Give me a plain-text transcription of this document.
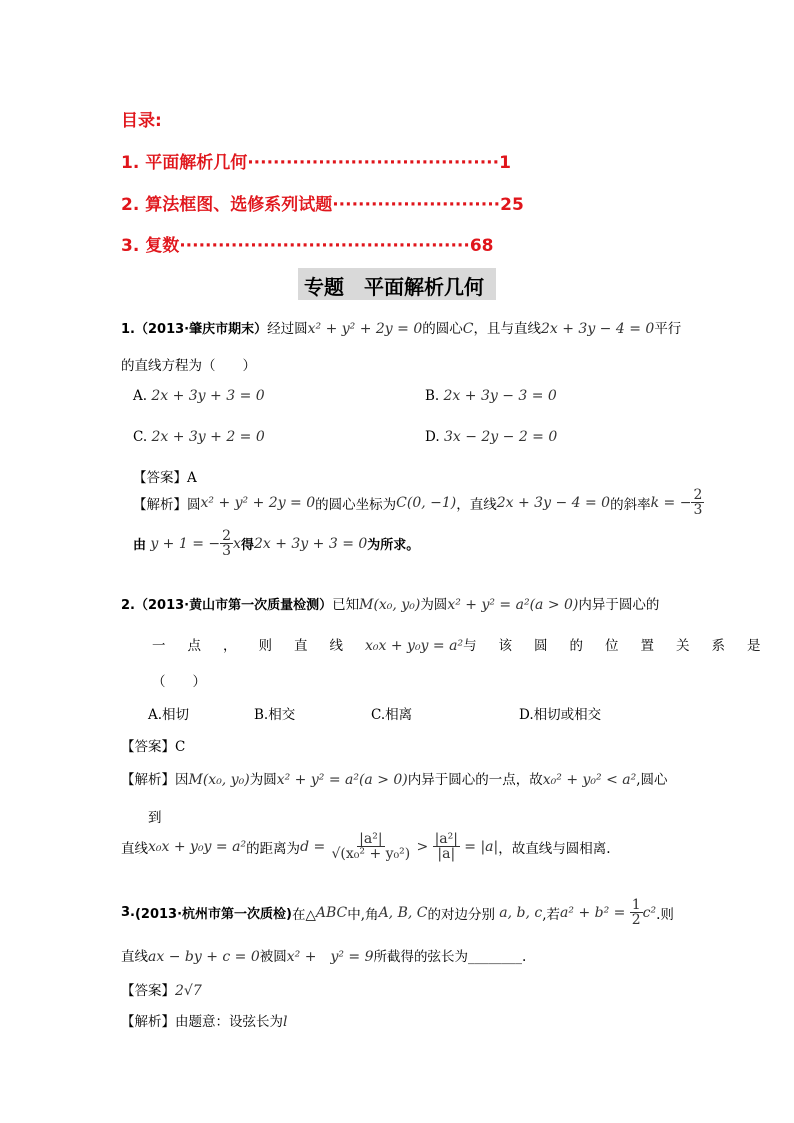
目录:
1. 平面解析几何·······································1
2. 算法框图、选修系列试题··························25
3. 复数·············································68
专题　平面解析几何
1.（2013·肇庆市期末）经过圆x² + y² + 2y = 0的圆心C，且与直线2x + 3y − 4 = 0平行
的直线方程为（　　）
A. 2x + 3y + 3 = 0	B. 2x + 3y − 3 = 0
C. 2x + 3y + 2 = 0	D. 3x − 2y − 2 = 0
【答案】A
【解析】 圆 x² + y² + 2y = 0 的圆心坐标为 C(0, −1) ，直线 2x + 3y − 4 = 0 的斜率 k = − $\frac{2}{3}$
由
y + 1 = − $\frac{2}{3}$ x 得 2x + 3y + 3 = 0 为所求。
2.（2013·黄山市第一次质量检测）已知M(x₀, y₀)为圆x² + y² = a²(a > 0)内异于圆心的
一点，则直线x₀x + y₀y = a²与该圆的位置关系是
（　　）
A.相切	B.相交	C.相离	D.相切或相交
【答案】C
【解析】因M(x₀, y₀)为圆x² + y² = a²(a > 0)内异于圆心的一点，故x₀² + y₀² < a²,圆心
到
直线 x₀x + y₀y = a² 的距离为 d =
$\frac{\text{|a²|}}{\text{√(x₀² + y₀²)}}$
>
$\frac{\text{|a²|}}{|a|}$
= |a| ，故直线与圆相离.
3. (2013·杭州市第一次质检) 在△ ABC 中,角 A, B, C 的对边分别
a, b, c ,若 a² + b² =
$\frac{1}{2} c^2$ .则
直线ax − by + c = 0被圆x² +　y² = 9所截得的弦长为________.
【答案】2√7
【解析】由题意：设弦长为l
